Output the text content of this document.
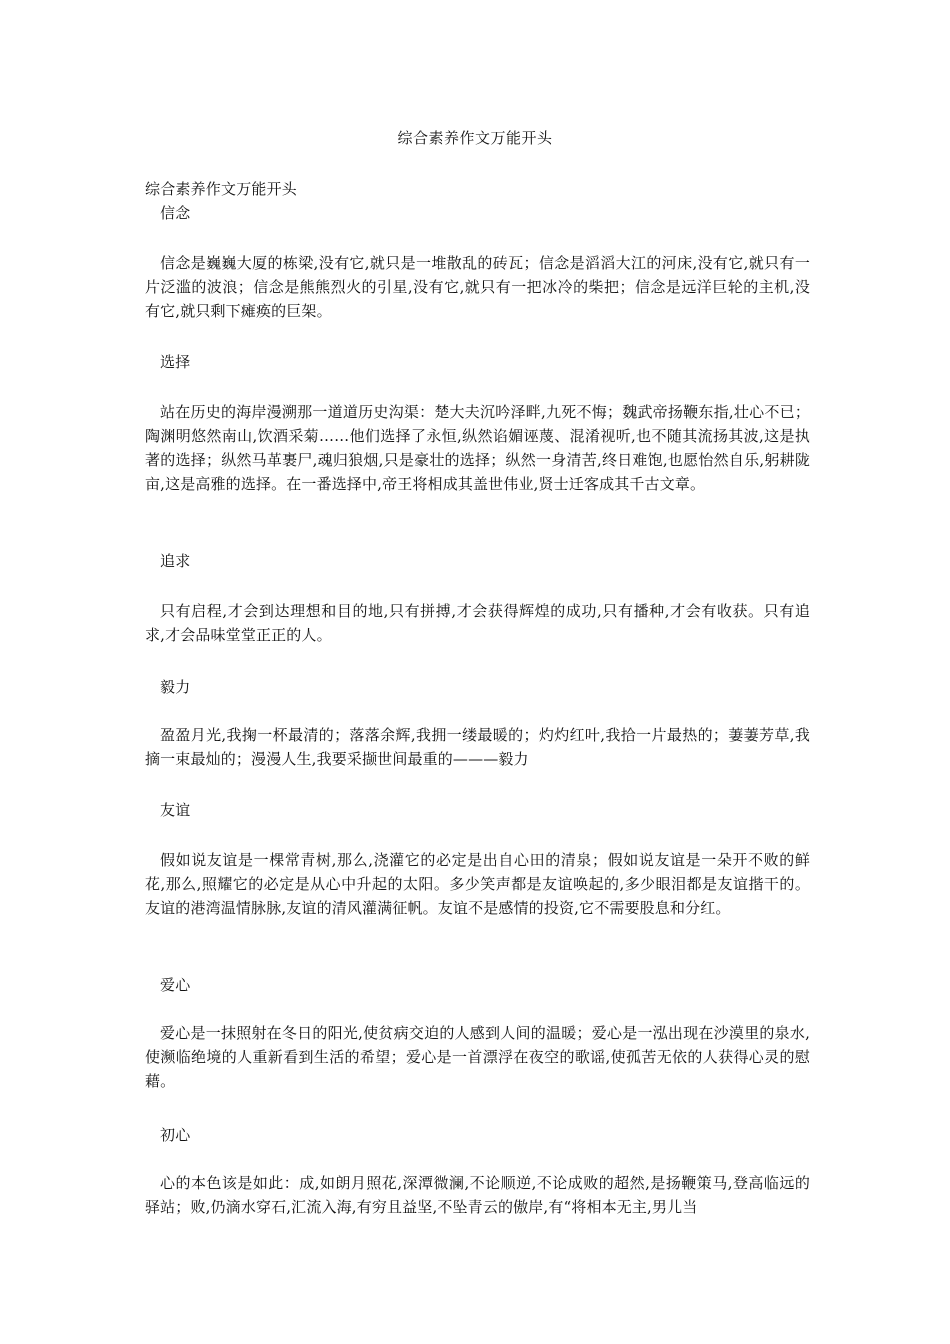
综合素养作文万能开头
综合素养作文万能开头
信念
信念是巍巍大厦的栋梁,没有它,就只是一堆散乱的砖瓦；信念是滔滔大江的河床,没有它,就只有一片泛滥的波浪；信念是熊熊烈火的引星,没有它,就只有一把冰冷的柴把；信念是远洋巨轮的主机,没有它,就只剩下瘫痪的巨架。
选择
站在历史的海岸漫溯那一道道历史沟渠：楚大夫沉吟泽畔,九死不悔；魏武帝扬鞭东指,壮心不已；陶渊明悠然南山,饮酒采菊……他们选择了永恒,纵然谄媚诬蔑、混淆视听,也不随其流扬其波,这是执著的选择；纵然马革裹尸,魂归狼烟,只是豪壮的选择；纵然一身清苦,终日难饱,也愿怡然自乐,躬耕陇亩,这是高雅的选择。在一番选择中,帝王将相成其盖世伟业,贤士迁客成其千古文章。
追求
只有启程,才会到达理想和目的地,只有拼搏,才会获得辉煌的成功,只有播种,才会有收获。只有追求,才会品味堂堂正正的人。
毅力
盈盈月光,我掬一杯最清的；落落余辉,我拥一缕最暖的；灼灼红叶,我拾一片最热的；萋萋芳草,我摘一束最灿的；漫漫人生,我要采撷世间最重的———毅力
友谊
假如说友谊是一棵常青树,那么,浇灌它的必定是出自心田的清泉；假如说友谊是一朵开不败的鲜花,那么,照耀它的必定是从心中升起的太阳。多少笑声都是友谊唤起的,多少眼泪都是友谊揩干的。友谊的港湾温情脉脉,友谊的清风灌满征帆。友谊不是感情的投资,它不需要股息和分红。
爱心
爱心是一抹照射在冬日的阳光,使贫病交迫的人感到人间的温暖；爱心是一泓出现在沙漠里的泉水,使濒临绝境的人重新看到生活的希望；爱心是一首漂浮在夜空的歌谣,使孤苦无依的人获得心灵的慰藉。
初心
心的本色该是如此：成,如朗月照花,深潭微澜,不论顺逆,不论成败的超然,是扬鞭策马,登高临远的驿站；败,仍滴水穿石,汇流入海,有穷且益坚,不坠青云的傲岸,有“将相本无主,男儿当
